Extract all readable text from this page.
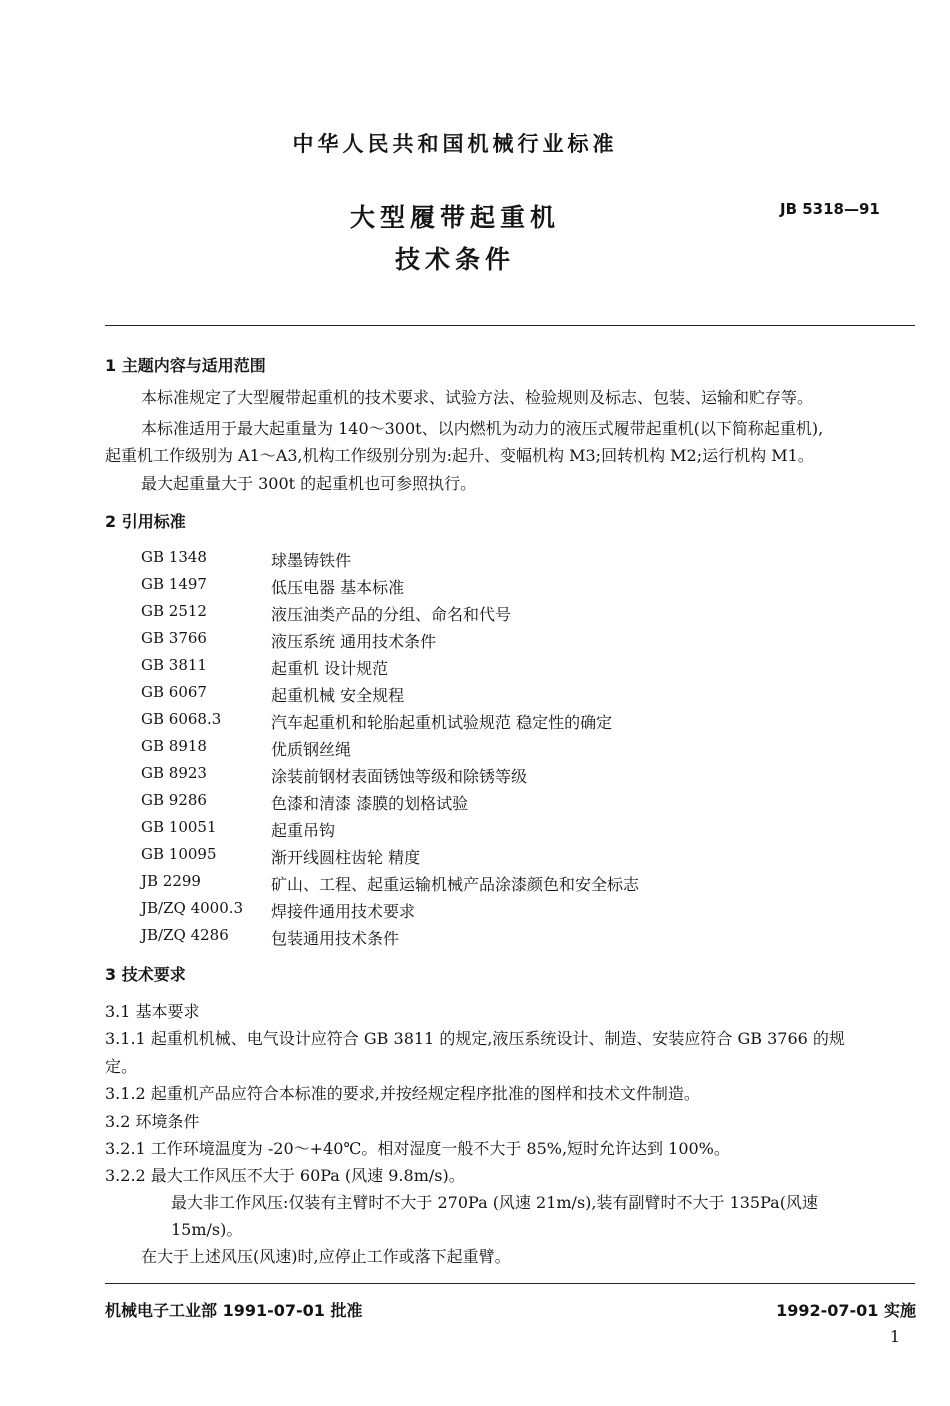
中华人民共和国机械行业标准
大型履带起重机
技术条件
JB 5318—91
1 主题内容与适用范围
本标准规定了大型履带起重机的技术要求、试验方法、检验规则及标志、包装、运输和贮存等。
本标准适用于最大起重量为 140～300t、以内燃机为动力的液压式履带起重机(以下简称起重机),
起重机工作级别为 A1～A3,机构工作级别分别为:起升、变幅机构 M3;回转机构 M2;运行机构 M1。
最大起重量大于 300t 的起重机也可参照执行。
2 引用标准
GB 1348	球墨铸铁件
GB 1497	低压电器 基本标准
GB 2512	液压油类产品的分组、命名和代号
GB 3766	液压系统 通用技术条件
GB 3811	起重机 设计规范
GB 6067	起重机械 安全规程
GB 6068.3	汽车起重机和轮胎起重机试验规范 稳定性的确定
GB 8918	优质钢丝绳
GB 8923	涂装前钢材表面锈蚀等级和除锈等级
GB 9286	色漆和清漆 漆膜的划格试验
GB 10051	起重吊钩
GB 10095	渐开线圆柱齿轮 精度
JB 2299	矿山、工程、起重运输机械产品涂漆颜色和安全标志
JB/ZQ 4000.3 焊接件通用技术要求
JB/ZQ 4286	包装通用技术条件
3 技术要求
3.1 基本要求
3.1.1 起重机机械、电气设计应符合 GB 3811 的规定,液压系统设计、制造、安装应符合 GB 3766 的规
定。
3.1.2 起重机产品应符合本标准的要求,并按经规定程序批准的图样和技术文件制造。
3.2 环境条件
3.2.1 工作环境温度为 -20～+40℃。相对湿度一般不大于 85%,短时允许达到 100%。
3.2.2 最大工作风压不大于 60Pa (风速 9.8m/s)。
最大非工作风压:仅装有主臂时不大于 270Pa (风速 21m/s),装有副臂时不大于 135Pa(风速
15m/s)。
在大于上述风压(风速)时,应停止工作或落下起重臂。
机械电子工业部 1991-07-01 批准	1992-07-01 实施
1
